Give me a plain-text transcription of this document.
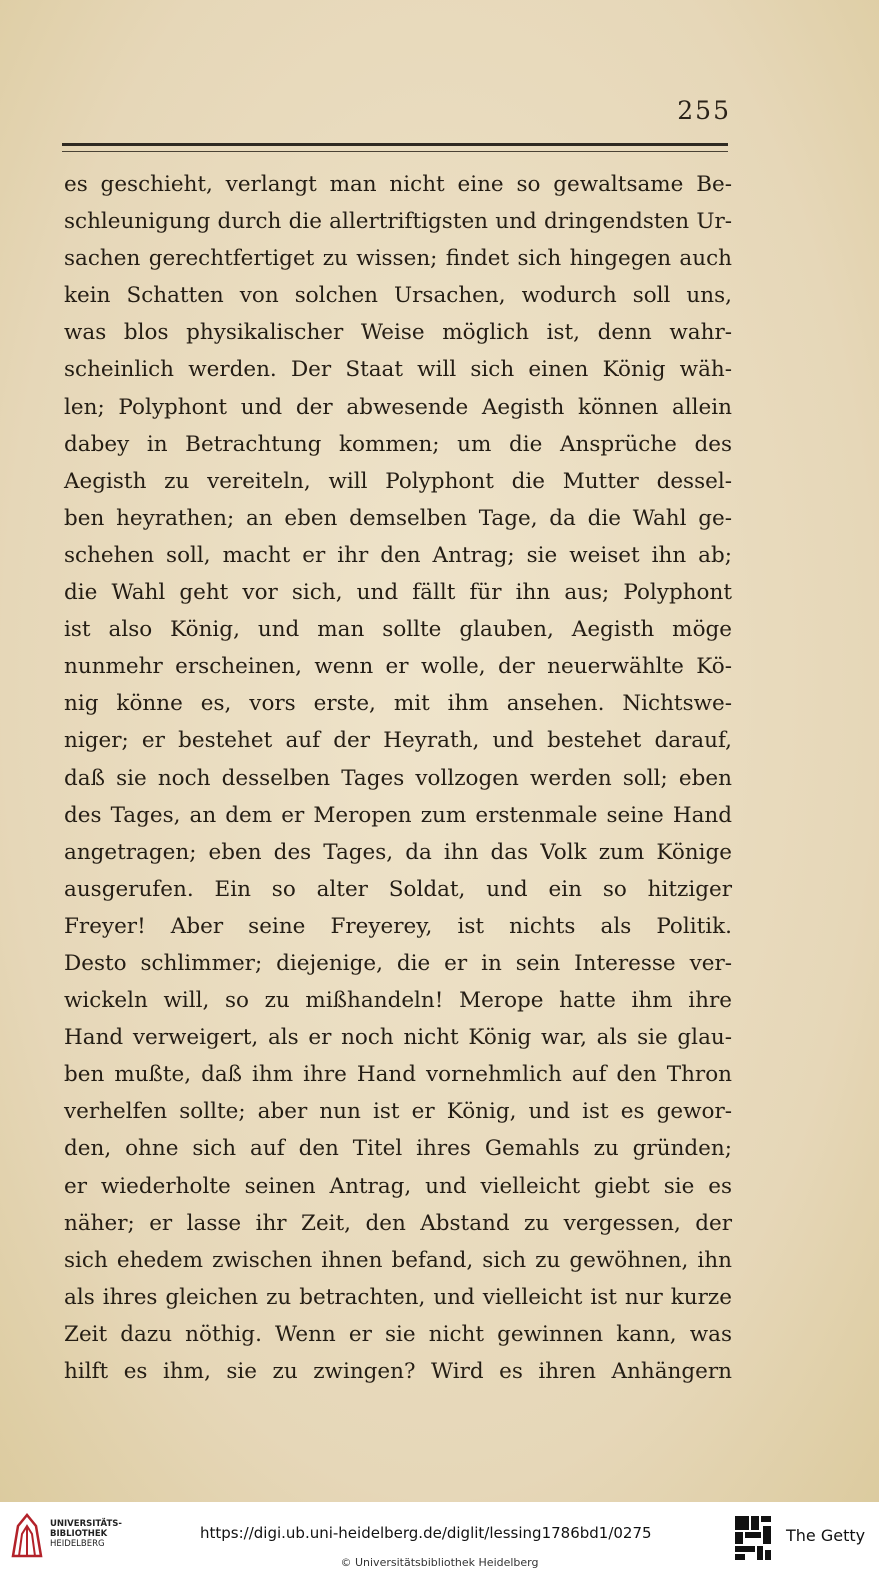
255
es geschieht, verlangt man nicht eine so gewaltsame Be-
schleunigung durch die allertriftigsten und dringendsten Ur-
sachen gerechtfertiget zu wissen; findet sich hingegen auch
kein Schatten von solchen Ursachen, wodurch soll uns,
was blos physikalischer Weise möglich ist, denn wahr-
scheinlich werden. Der Staat will sich einen König wäh-
len; Polyphont und der abwesende Aegisth können allein
dabey in Betrachtung kommen; um die Ansprüche des
Aegisth zu vereiteln, will Polyphont die Mutter dessel-
ben heyrathen; an eben demselben Tage, da die Wahl ge-
schehen soll, macht er ihr den Antrag; sie weiset ihn ab;
die Wahl geht vor sich, und fällt für ihn aus; Polyphont
ist also König, und man sollte glauben, Aegisth möge
nunmehr erscheinen, wenn er wolle, der neuerwählte Kö-
nig könne es, vors erste, mit ihm ansehen. Nichtswe-
niger; er bestehet auf der Heyrath, und bestehet darauf,
daß sie noch desselben Tages vollzogen werden soll; eben
des Tages, an dem er Meropen zum erstenmale seine Hand
angetragen; eben des Tages, da ihn das Volk zum Könige
ausgerufen. Ein so alter Soldat, und ein so hitziger
Freyer! Aber seine Freyerey, ist nichts als Politik.
Desto schlimmer; diejenige, die er in sein Interesse ver-
wickeln will, so zu mißhandeln! Merope hatte ihm ihre
Hand verweigert, als er noch nicht König war, als sie glau-
ben mußte, daß ihm ihre Hand vornehmlich auf den Thron
verhelfen sollte; aber nun ist er König, und ist es gewor-
den, ohne sich auf den Titel ihres Gemahls zu gründen;
er wiederholte seinen Antrag, und vielleicht giebt sie es
näher; er lasse ihr Zeit, den Abstand zu vergessen, der
sich ehedem zwischen ihnen befand, sich zu gewöhnen, ihn
als ihres gleichen zu betrachten, und vielleicht ist nur kurze
Zeit dazu nöthig. Wenn er sie nicht gewinnen kann, was
hilft es ihm, sie zu zwingen? Wird es ihren Anhängern
UNIVERSITÄTS-
BIBLIOTHEK
HEIDELBERG
https://digi.ub.uni-heidelberg.de/diglit/lessing1786bd1/0275
© Universitätsbibliothek Heidelberg
The Getty
